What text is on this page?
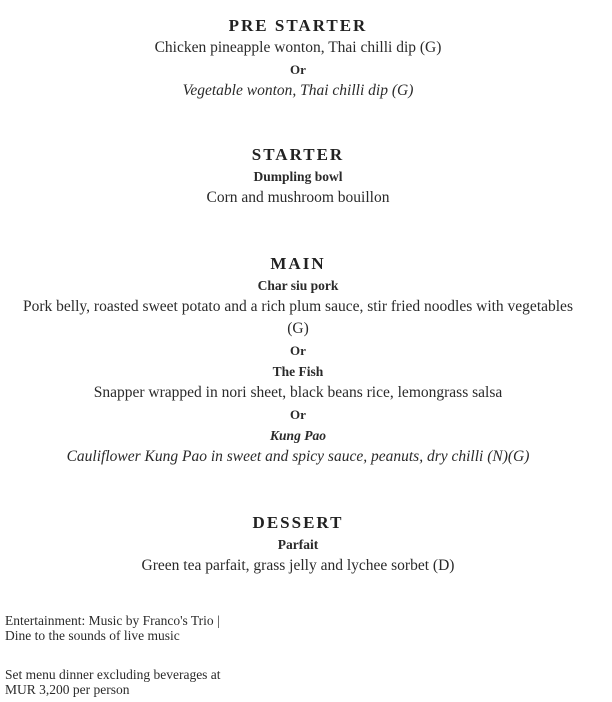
PRE STARTER

Chicken pineapple wonton, Thai chilli dip (G)

Or

Vegetable wonton, Thai chilli dip (G)

STARTER

Dumpling bowl

Corn and mushroom bouillon

MAIN

Char siu pork

Pork belly, roasted sweet potato and a rich plum sauce, stir fried noodles with vegetables (G)

Or

The Fish

Snapper wrapped in nori sheet, black beans rice, lemongrass salsa

Or

Kung Pao

Cauliflower Kung Pao in sweet and spicy sauce, peanuts, dry chilli (N)(G)

DESSERT

Parfait

Green tea parfait, grass jelly and lychee sorbet (D)

Entertainment: Music by Franco's Trio |

Dine to the sounds of live music

Set menu dinner excluding beverages at

MUR 3,200 per person
